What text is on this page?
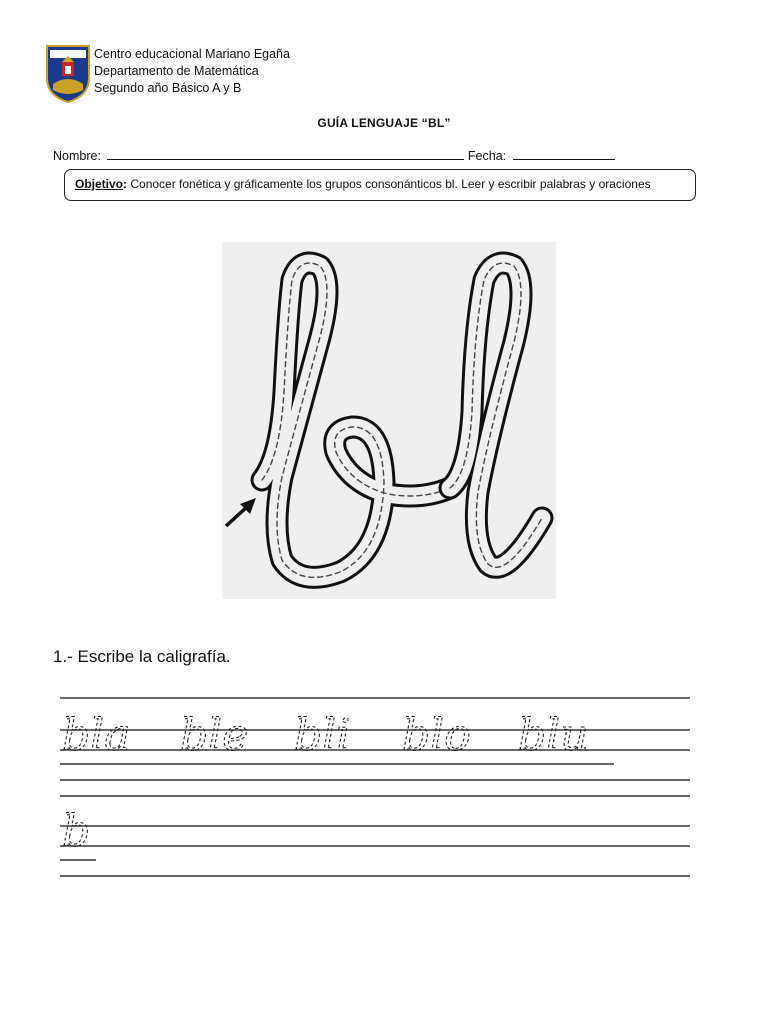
Centro educacional Mariano Egaña
Departamento de Matemática
Segundo año Básico A y B
GUÍA LENGUAJE “BL”
Nombre:	Fecha:
Objetivo: Conocer fonética y gráficamente los grupos consonánticos bl. Leer y escribir palabras y oraciones
1.- Escribe la caligrafía.
bla ble bli blo blu
b
